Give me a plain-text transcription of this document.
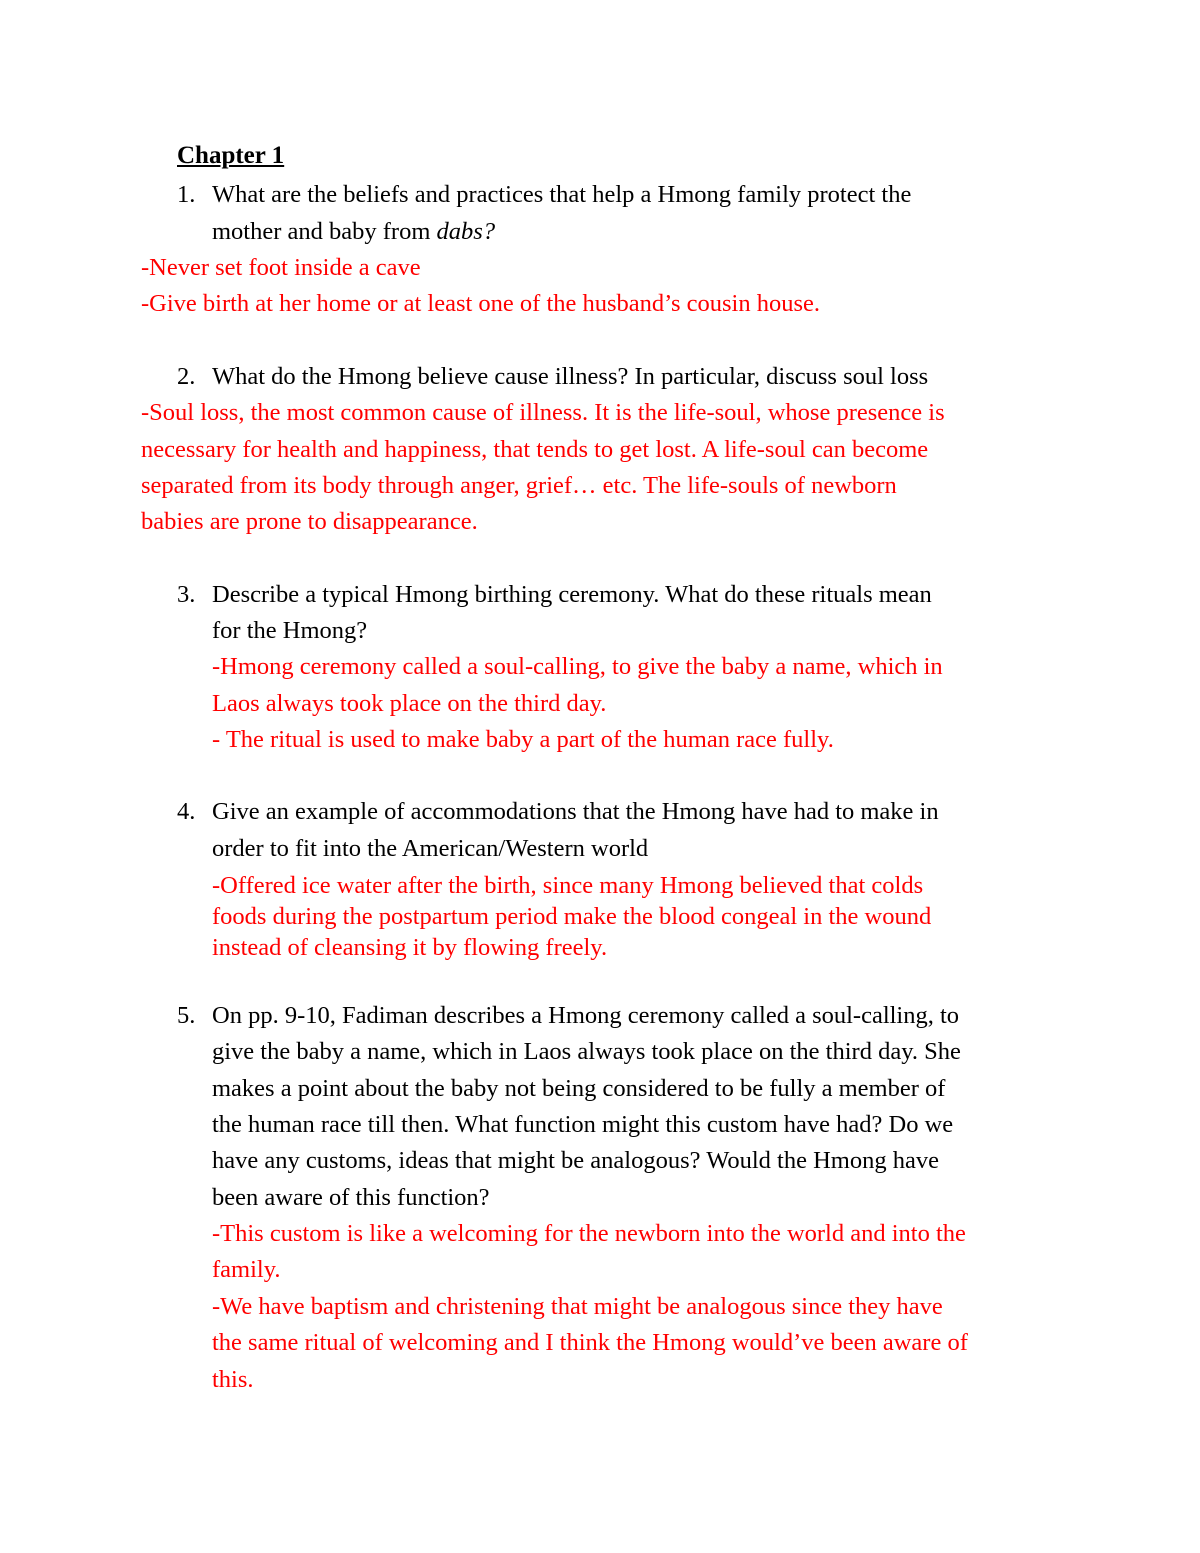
Chapter 1

1. What are the beliefs and practices that help a Hmong family protect the

mother and baby from dabs?

-Never set foot inside a cave

-Give birth at her home or at least one of the husband’s cousin house.

2. What do the Hmong believe cause illness? In particular, discuss soul loss

-Soul loss, the most common cause of illness. It is the life-soul, whose presence is

necessary for health and happiness, that tends to get lost. A life-soul can become

separated from its body through anger, grief… etc. The life-souls of newborn

babies are prone to disappearance.

3. Describe a typical Hmong birthing ceremony. What do these rituals mean

for the Hmong?

-Hmong ceremony called a soul-calling, to give the baby a name, which in

Laos always took place on the third day.

- The ritual is used to make baby a part of the human race fully.

4. Give an example of accommodations that the Hmong have had to make in

order to fit into the American/Western world

-Offered ice water after the birth, since many Hmong believed that colds

foods during the postpartum period make the blood congeal in the wound

instead of cleansing it by flowing freely.

5. On pp. 9-10, Fadiman describes a Hmong ceremony called a soul-calling, to

give the baby a name, which in Laos always took place on the third day. She

makes a point about the baby not being considered to be fully a member of

the human race till then. What function might this custom have had? Do we

have any customs, ideas that might be analogous? Would the Hmong have

been aware of this function?

-This custom is like a welcoming for the newborn into the world and into the

family.

-We have baptism and christening that might be analogous since they have

the same ritual of welcoming and I think the Hmong would’ve been aware of

this.
